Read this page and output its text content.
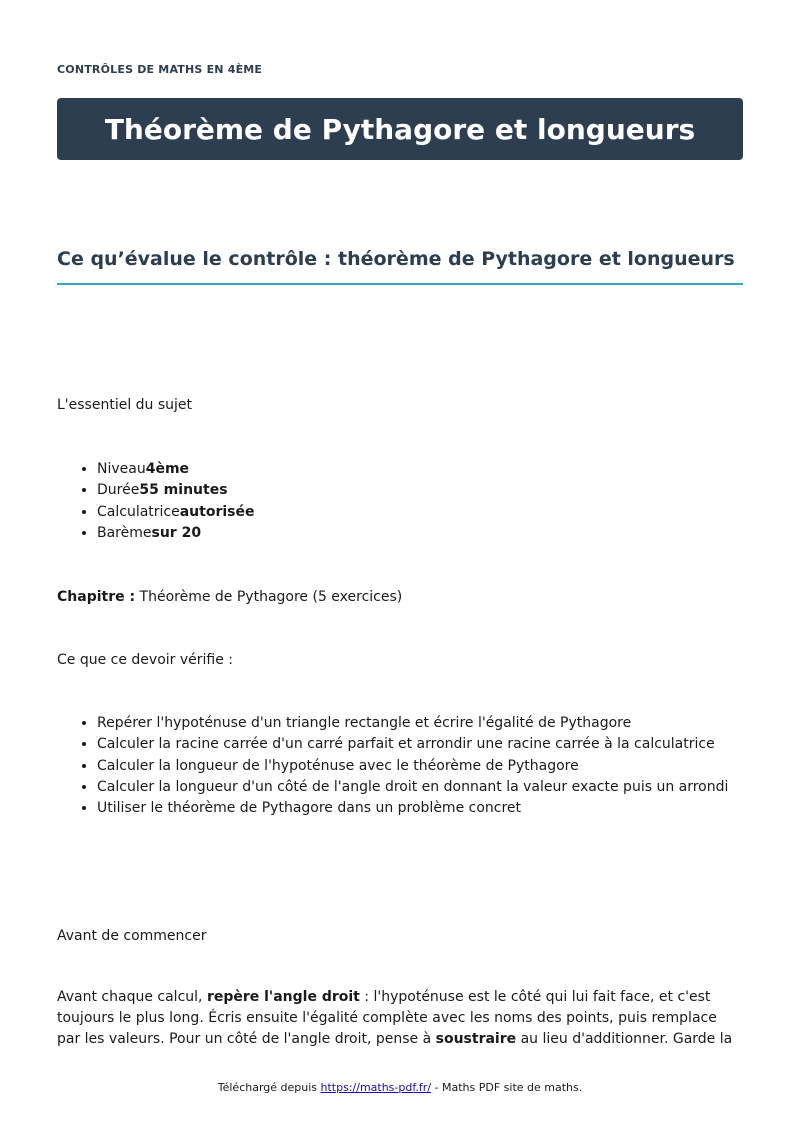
CONTRÔLES DE MATHS EN 4ÈME
Théorème de Pythagore et longueurs
Ce qu’évalue le contrôle : théorème de Pythagore et longueurs

L'essentiel du sujet

• Niveau4ème
• Durée55 minutes
• Calculatriceautorisée
• Barèmesur 20

Chapitre : Théorème de Pythagore (5 exercices)

Ce que ce devoir vérifie :

• Repérer l'hypoténuse d'un triangle rectangle et écrire l'égalité de Pythagore
• Calculer la racine carrée d'un carré parfait et arrondir une racine carrée à la calculatrice
• Calculer la longueur de l'hypoténuse avec le théorème de Pythagore
• Calculer la longueur d'un côté de l'angle droit en donnant la valeur exacte puis un arrondi
• Utiliser le théorème de Pythagore dans un problème concret

Avant de commencer

Avant chaque calcul, repère l'angle droit : l'hypoténuse est le côté qui lui fait face, et c'est toujours le plus long. Écris ensuite l'égalité complète avec les noms des points, puis remplace par les valeurs. Pour un côté de l'angle droit, pense à soustraire au lieu d'additionner. Garde la

Téléchargé depuis https://maths-pdf.fr/ - Maths PDF site de maths.
